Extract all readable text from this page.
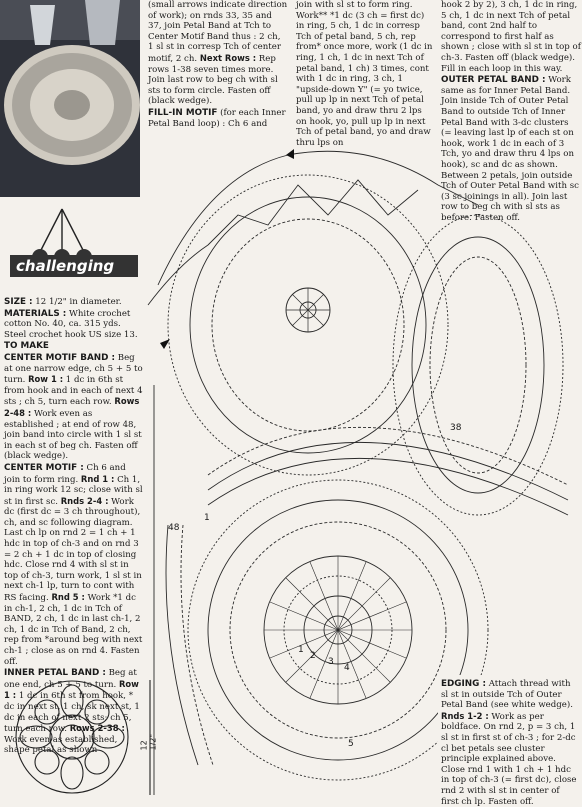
challenging

SIZE : 12 1/2" in diameter.

MATERIALS : White crochet cotton No. 40, ca. 315 yds. Steel crochet hook US size 13.

TO MAKE

CENTER MOTIF BAND : Beg at one narrow edge, ch 5 + 5 to turn. Row 1 : 1 dc in 6th st from hook and in each of next 4 sts ; ch 5, turn each row. Rows 2-48 : Work even as established ; at end of row 48, join band into circle with 1 sl st in each st of beg ch. Fasten off (black wedge).

CENTER MOTIF : Ch 6 and join to form ring. Rnd 1 : Ch 1, in ring work 12 sc; close with sl st in first sc. Rnds 2-4 : Work dc (first dc = 3 ch throughout), ch, and sc following diagram. Last ch lp on rnd 2 = 1 ch + 1 hdc in top of ch-3 and on rnd 3 = 2 ch + 1 dc in top of closing hdc. Close rnd 4 with sl st in top of ch-3, turn work, 1 sl st in next ch-1 lp, turn to cont with RS facing. Rnd 5 : Work *1 dc in ch-1, 2 ch, 1 dc in Tch of BAND, 2 ch, 1 dc in last ch-1, 2 ch, 1 dc in Tch of Band, 2 ch, rep from *around beg with next ch-1 ; close as on rnd 4. Fasten off.

INNER PETAL BAND : Beg at one end, ch 5 + 5 to turn. Row 1 : 1 dc in 6th st from hook, * dc in next st, 1 ch, sk next st, 1 dc in each of next 2 sts; ch 5, turn each row. Rows 2-38 : Work even as established, shape petal as shown	12 1/2"

(small arrows indicate direction of work); on rnds 33, 35 and 37, join Petal Band at Tch to Center Motif Band thus : 2 ch, 1 sl st in corresp Tch of center motif, 2 ch. Next Rows : Rep rows 1-38 seven times more. Join last row to beg ch with sl sts to form circle. Fasten off (black wedge).

FILL-IN MOTIF (for each Inner Petal Band loop) : Ch 6 and

join with sl st to form ring. Work** *1 dc (3 ch = first dc) in ring, 5 ch, 1 dc in corresp Tch of petal band, 5 ch, rep from* once more, work (1 dc in ring, 1 ch, 1 dc in next Tch of petal band, 1 ch) 3 times, cont with 1 dc in ring, 3 ch, 1 "upside-down Y" (= yo twice, pull up lp in next Tch of petal band, yo and draw thru 2 lps on hook, yo, pull up lp in next Tch of petal band, yo and draw thru lps on

hook 2 by 2), 3 ch, 1 dc in ring, 5 ch, 1 dc in next Tch of petal band, cont 2nd half to correspond to first half as shown ; close with sl st in top of ch-3. Fasten off (black wedge). Fill in each loop in this way.

OUTER PETAL BAND : Work same as for Inner Petal Band. Join inside Tch of Outer Petal Band to outside Tch of Inner Petal Band with 3-dc clusters (= leaving last lp of each st on hook, work 1 dc in each of 3 Tch, yo and draw thru 4 lps on hook), sc and dc as shown. Between 2 petals, join outside Tch of Outer Petal Band with sc (3 sc joinings in all). Join last row to beg ch with sl sts as before. Fasten off.

38
48
1
1
2
3
4
5

EDGING : Attach thread with sl st in outside Tch of Outer Petal Band (see white wedge). Rnds 1-2 : Work as per boldface. On rnd 2, p = 3 ch, 1 sl st in first st of ch-3 ; for 2-dc cl bet petals see cluster principle explained above. Close rnd 1 with 1 ch + 1 hdc in top of ch-3 (= first dc), close rnd 2 with sl st in center of first ch lp. Fasten off.
